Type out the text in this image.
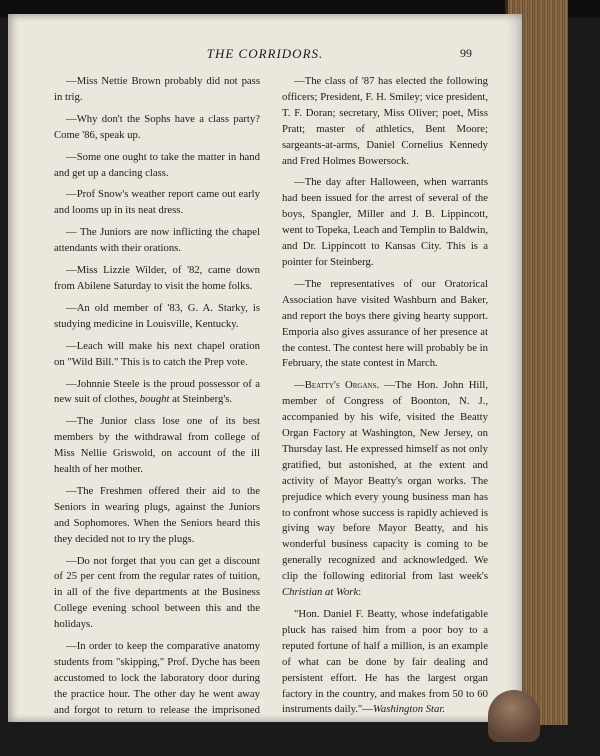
THE CORRIDORS.	99

—Miss Nettie Brown probably did not pass in trig.

—Why don't the Sophs have a class party? Come '86, speak up.

—Some one ought to take the matter in hand and get up a dancing class.

—Prof Snow's weather report came out early and looms up in its neat dress.

— The Juniors are now inflicting the chapel attendants with their orations.

—Miss Lizzie Wilder, of '82, came down from Abilene Saturday to visit the home folks.

—An old member of '83, G. A. Starky, is studying medicine in Louisville, Kentucky.

—Leach will make his next chapel oration on "Wild Bill." This is to catch the Prep vote.

—Johnnie Steele is the proud possessor of a new suit of clothes, bought at Steinberg's.

—The Junior class lose one of its best members by the withdrawal from college of Miss Nellie Griswold, on account of the ill health of her mother.

—The Freshmen offered their aid to the Seniors in wearing plugs, against the Juniors and Sophomores. When the Seniors heard this they decided not to try the plugs.

—Do not forget that you can get a discount of 25 per cent from the regular rates of tuition, in all of the five departments at the Business College evening school between this and the holidays.

—In order to keep the comparative anatomy students from "skipping," Prof. Dyche has been accustomed to lock the laboratory door during the practice hour. The other day he went away and forgot to return to release the imprisoned Juniors, and the boys had to compromise their dignity by climbing over the transom.

—The class of '87 has elected the following officers; President, F. H. Smiley; vice president, T. F. Doran; secretary, Miss Oliver; poet, Miss Pratt; master of athletics, Bent Moore; sargeants-at-arms, Daniel Cornelius Kennedy and Fred Holmes Bowersock.

—The day after Halloween, when warrants had been issued for the arrest of several of the boys, Spangler, Miller and J. B. Lippincott, went to Topeka, Leach and Templin to Baldwin, and Dr. Lippincott to Kansas City. This is a pointer for Steinberg.

—The representatives of our Oratorical Association have visited Washburn and Baker, and report the boys there giving hearty support. Emporia also gives assurance of her presence at the contest. The contest here will probably be in February, the state contest in March.

—Beatty's Organs. —The Hon. John Hill, member of Congress of Boonton, N. J., accompanied by his wife, visited the Beatty Organ Factory at Washington, New Jersey, on Thursday last. He expressed himself as not only gratified, but astonished, at the extent and activity of Mayor Beatty's organ works. The prejudice which every young business man has to confront whose success is rapidly achieved is giving way before Mayor Beatty, and his wonderful business capacity is coming to be generally recognized and acknowledged. We clip the following editorial from last week's Christian at Work:

"Hon. Daniel F. Beatty, whose indefatigable pluck has raised him from a poor boy to a reputed fortune of half a million, is an example of what can be done by fair dealing and persistent effort. He has the largest organ factory in the country, and makes from 50 to 60 instruments daily."—Washington Star.
